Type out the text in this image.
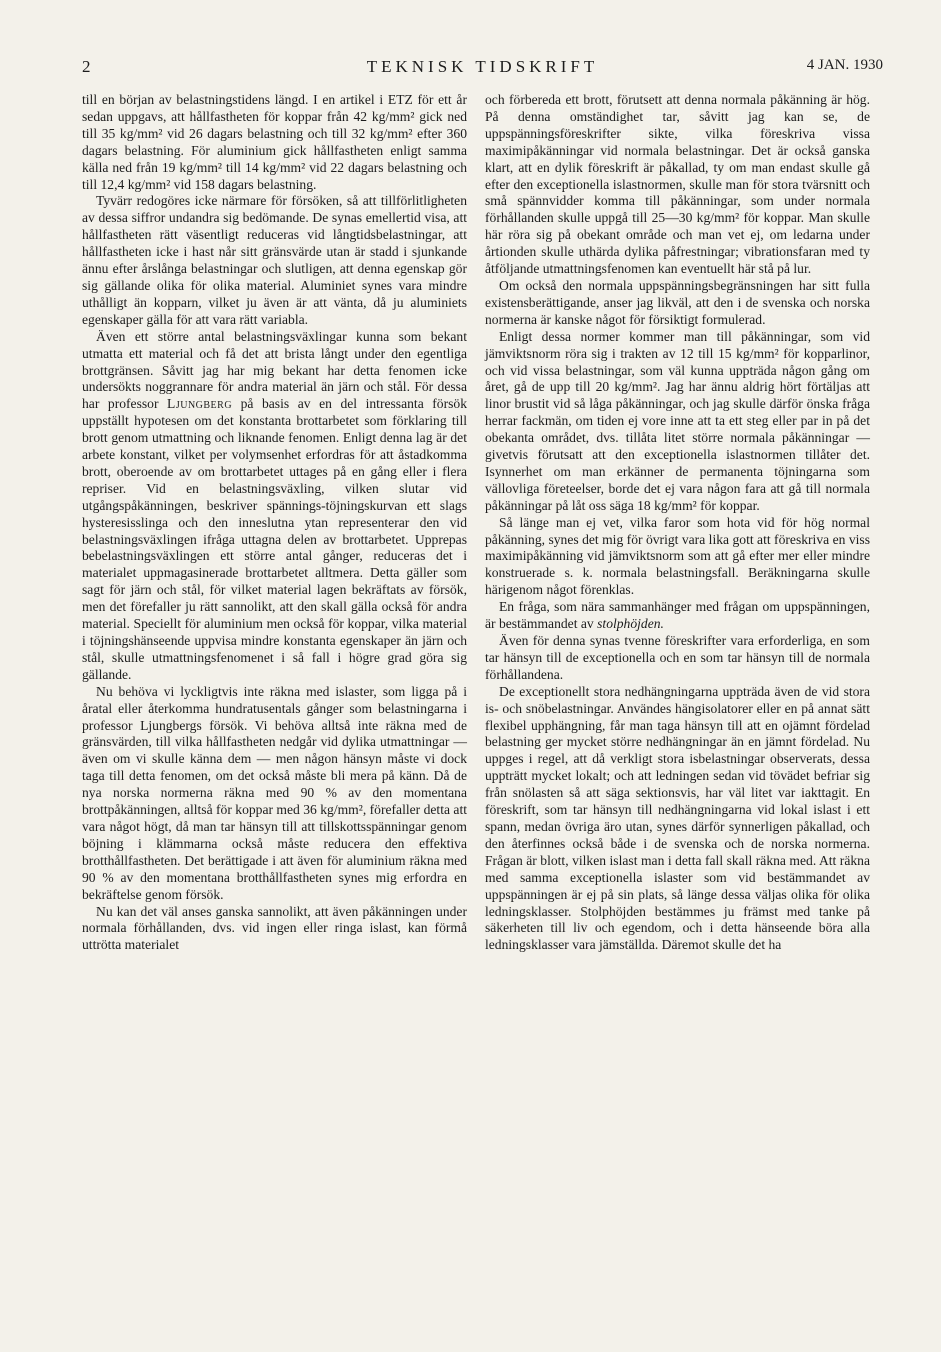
2	TEKNISK TIDSKRIFT	4 JAN. 1930

till en början av belastningstidens längd. I en artikel i ETZ för ett år sedan uppgavs, att hållfastheten för koppar från 42 kg/mm² gick ned till 35 kg/mm² vid 26 dagars belastning och till 32 kg/mm² efter 360 dagars belastning. För aluminium gick hållfastheten enligt samma källa ned från 19 kg/mm² till 14 kg/mm² vid 22 dagars belastning och till 12,4 kg/mm² vid 158 dagars belastning.

Tyvärr redogöres icke närmare för försöken, så att tillförlitligheten av dessa siffror undandra sig bedömande. De synas emellertid visa, att hållfastheten rätt väsentligt reduceras vid långtidsbelastningar, att hållfastheten icke i hast når sitt gränsvärde utan är stadd i sjunkande ännu efter årslånga belastningar och slutligen, att denna egenskap gör sig gällande olika för olika material. Aluminiet synes vara mindre uthålligt än kopparn, vilket ju även är att vänta, då ju aluminiets egenskaper gälla för att vara rätt variabla.

Även ett större antal belastningsväxlingar kunna som bekant utmatta ett material och få det att brista långt under den egentliga brottgränsen. Såvitt jag har mig bekant har detta fenomen icke undersökts noggrannare för andra material än järn och stål. För dessa har professor Ljungberg på basis av en del intressanta försök uppställt hypotesen om det konstanta brottarbetet som förklaring till brott genom utmattning och liknande fenomen. Enligt denna lag är det arbete konstant, vilket per volymsenhet erfordras för att åstadkomma brott, oberoende av om brottarbetet uttages på en gång eller i flera repriser. Vid en belastningsväxling, vilken slutar vid utgångspåkänningen, beskriver spännings-töjningskurvan ett slags hysteresisslinga och den inneslutna ytan representerar den vid belastningsväxlingen ifråga uttagna delen av brottarbetet. Upprepas bebelastningsväxlingen ett större antal gånger, reduceras det i materialet uppmagasinerade brottarbetet alltmera. Detta gäller som sagt för järn och stål, för vilket material lagen bekräftats av försök, men det förefaller ju rätt sannolikt, att den skall gälla också för andra material. Speciellt för aluminium men också för koppar, vilka material i töjningshänseende uppvisa mindre konstanta egenskaper än järn och stål, skulle utmattningsfenomenet i så fall i högre grad göra sig gällande.

Nu behöva vi lyckligtvis inte räkna med islaster, som ligga på i åratal eller återkomma hundratusentals gånger som belastningarna i professor Ljungbergs försök. Vi behöva alltså inte räkna med de gränsvärden, till vilka hållfastheten nedgår vid dylika utmattningar — även om vi skulle känna dem — men någon hänsyn måste vi dock taga till detta fenomen, om det också måste bli mera på känn. Då de nya norska normerna räkna med 90 % av den momentana brottpåkänningen, alltså för koppar med 36 kg/mm², förefaller detta att vara något högt, då man tar hänsyn till att tillskottsspänningar genom böjning i klämmarna också måste reducera den effektiva brotthållfastheten. Det berättigade i att även för aluminium räkna med 90 % av den momentana brotthållfastheten synes mig erfordra en bekräftelse genom försök.

Nu kan det väl anses ganska sannolikt, att även påkänningen under normala förhållanden, dvs. vid ingen eller ringa islast, kan förmå uttrötta materialet

och förbereda ett brott, förutsett att denna normala påkänning är hög. På denna omständighet tar, såvitt jag kan se, de uppspänningsföreskrifter sikte, vilka föreskriva vissa maximipåkänningar vid normala belastningar. Det är också ganska klart, att en dylik föreskrift är påkallad, ty om man endast skulle gå efter den exceptionella islastnormen, skulle man för stora tvärsnitt och små spännvidder komma till påkänningar, som under normala förhållanden skulle uppgå till 25—30 kg/mm² för koppar. Man skulle här röra sig på obekant område och man vet ej, om ledarna under årtionden skulle uthärda dylika påfrestningar; vibrationsfaran med ty åtföljande utmattningsfenomen kan eventuellt här stå på lur.

Om också den normala uppspänningsbegränsningen har sitt fulla existensberättigande, anser jag likväl, att den i de svenska och norska normerna är kanske något för försiktigt formulerad.

Enligt dessa normer kommer man till påkänningar, som vid jämviktsnorm röra sig i trakten av 12 till 15 kg/mm² för kopparlinor, och vid vissa belastningar, som väl kunna uppträda någon gång om året, gå de upp till 20 kg/mm². Jag har ännu aldrig hört förtäljas att linor brustit vid så låga påkänningar, och jag skulle därför önska fråga herrar fackmän, om tiden ej vore inne att ta ett steg eller par in på det obekanta området, dvs. tillåta litet större normala påkänningar — givetvis förutsatt att den exceptionella islastnormen tillåter det. Isynnerhet om man erkänner de permanenta töjningarna som vällovliga företeelser, borde det ej vara någon fara att gå till normala påkänningar på låt oss säga 18 kg/mm² för koppar.

Så länge man ej vet, vilka faror som hota vid för hög normal påkänning, synes det mig för övrigt vara lika gott att föreskriva en viss maximipåkänning vid jämviktsnorm som att gå efter mer eller mindre konstruerade s. k. normala belastningsfall. Beräkningarna skulle härigenom något förenklas.

En fråga, som nära sammanhänger med frågan om uppspänningen, är bestämmandet av stolphöjden.

Även för denna synas tvenne föreskrifter vara erforderliga, en som tar hänsyn till de exceptionella och en som tar hänsyn till de normala förhållandena.

De exceptionellt stora nedhängningarna uppträda även de vid stora is- och snöbelastningar. Användes hängisolatorer eller en på annat sätt flexibel upphängning, får man taga hänsyn till att en ojämnt fördelad belastning ger mycket större nedhängningar än en jämnt fördelad. Nu uppges i regel, att då verkligt stora isbelastningar observerats, dessa uppträtt mycket lokalt; och att ledningen sedan vid tövädet befriar sig från snölasten så att säga sektionsvis, har väl litet var iakttagit. En föreskrift, som tar hänsyn till nedhängningarna vid lokal islast i ett spann, medan övriga äro utan, synes därför synnerligen påkallad, och den återfinnes också både i de svenska och de norska normerna. Frågan är blott, vilken islast man i detta fall skall räkna med. Att räkna med samma exceptionella islaster som vid bestämmandet av uppspänningen är ej på sin plats, så länge dessa väljas olika för olika ledningsklasser. Stolphöjden bestämmes ju främst med tanke på säkerheten till liv och egendom, och i detta hänseende böra alla ledningsklasser vara jämställda. Däremot skulle det ha
